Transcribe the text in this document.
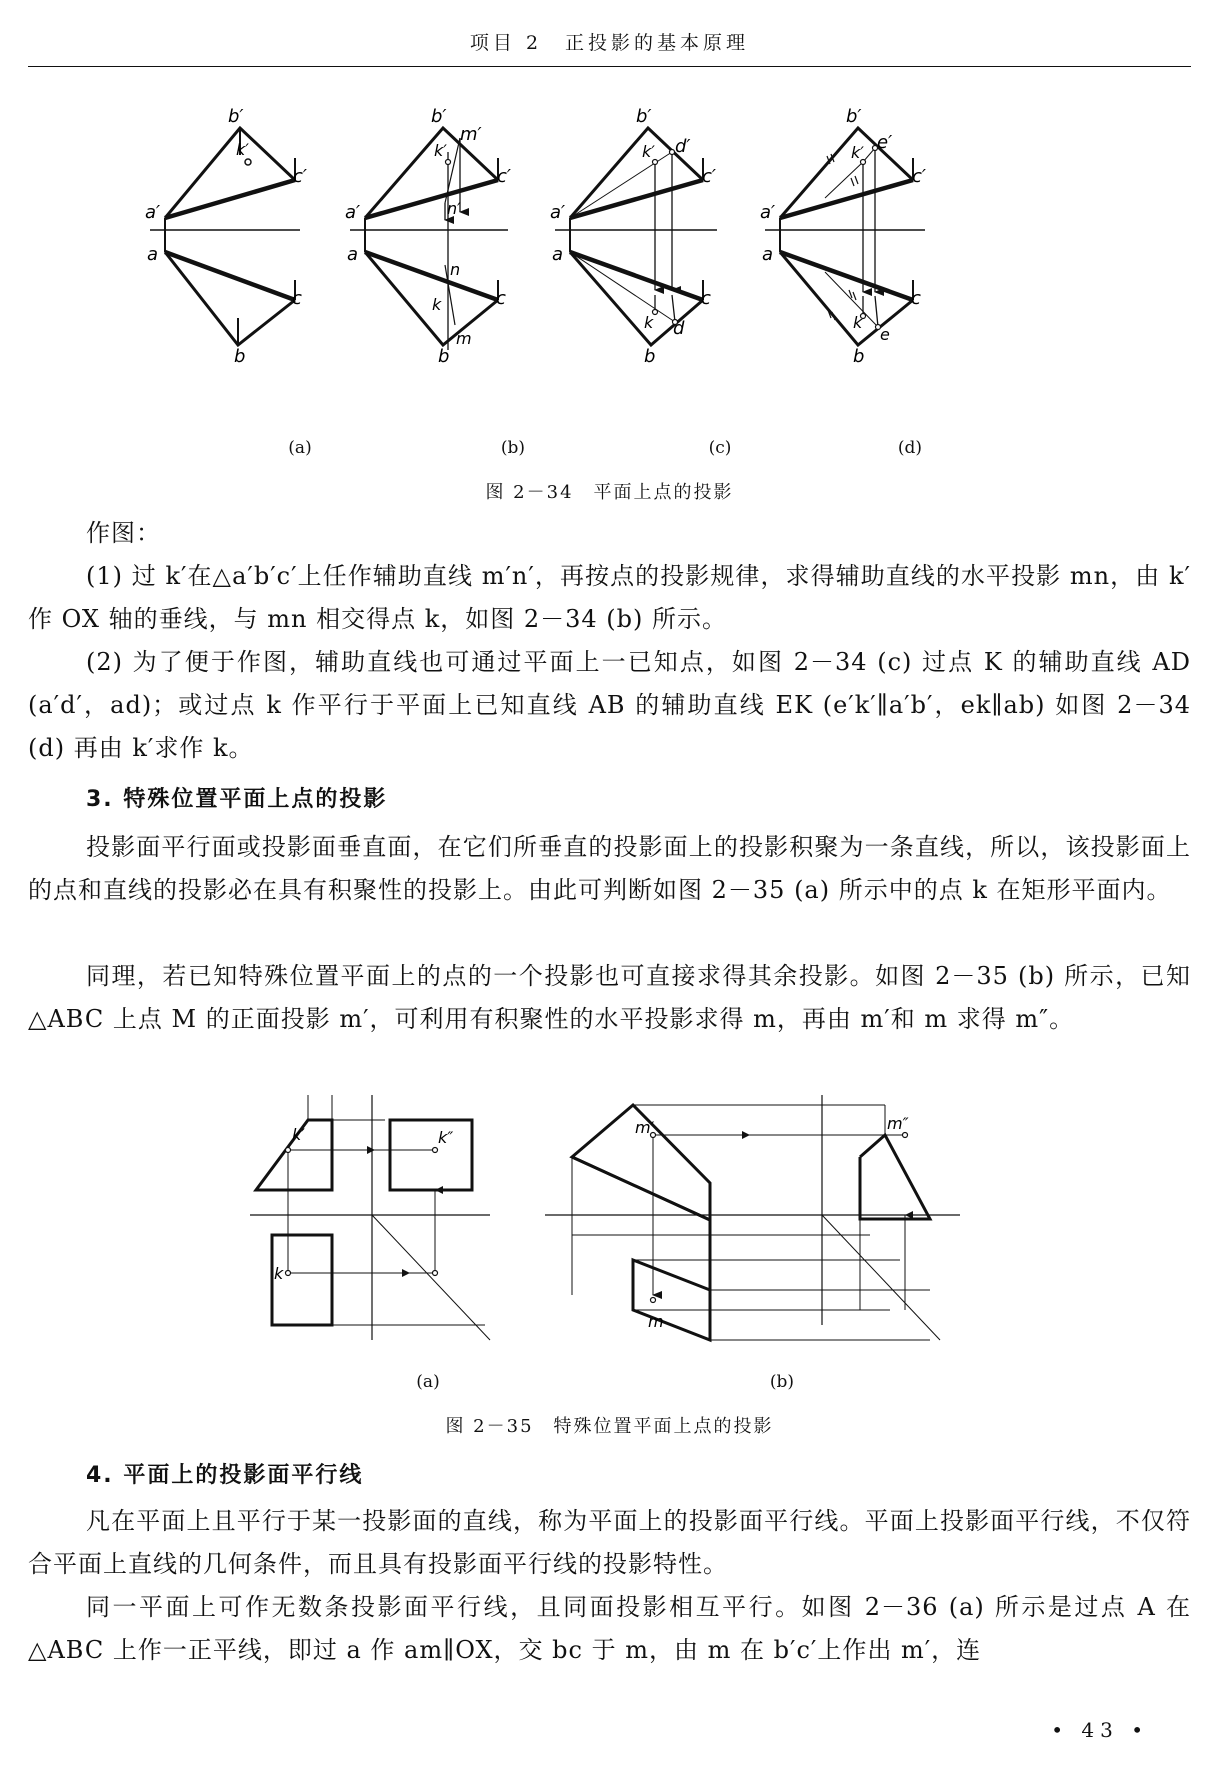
项目 2　正投影的基本原理
b′
k′
c′
a′
a
c
b
b′
m′
k′
c′
a′	n′
a
n
k	c
m
b
b′
d′
k′
c′
a′
a
c
k d
b
b′
e′
k′
c′
a′
a
c
k
e
b
(a)	(b)	(c)	(d)
图 2－34　平面上点的投影
作图：
(1) 过 k′在△a′b′c′上任作辅助直线 m′n′，再按点的投影规律，求得辅助直线的水平投影 mn，由 k′作 OX 轴的垂线，与 mn 相交得点 k，如图 2－34 (b) 所示。
(2) 为了便于作图，辅助直线也可通过平面上一已知点，如图 2－34 (c) 过点 K 的辅助直线 AD (a′d′，ad)；或过点 k 作平行于平面上已知直线 AB 的辅助直线 EK (e′k′∥a′b′，ek∥ab) 如图 2－34 (d) 再由 k′求作 k。
3. 特殊位置平面上点的投影
投影面平行面或投影面垂直面，在它们所垂直的投影面上的投影积聚为一条直线，所以，该投影面上的点和直线的投影必在具有积聚性的投影上。由此可判断如图 2－35 (a) 所示中的点 k 在矩形平面内。
同理，若已知特殊位置平面上的点的一个投影也可直接求得其余投影。如图 2－35 (b) 所示，已知△ABC 上点 M 的正面投影 m′，可利用有积聚性的水平投影求得 m，再由 m′和 m 求得 m″。
k′	k″
k
m′	m″
m
(a)	(b)
图 2－35　特殊位置平面上点的投影
4. 平面上的投影面平行线
凡在平面上且平行于某一投影面的直线，称为平面上的投影面平行线。平面上投影面平行线，不仅符合平面上直线的几何条件，而且具有投影面平行线的投影特性。
同一平面上可作无数条投影面平行线，且同面投影相互平行。如图 2－36 (a) 所示是过点 A 在△ABC 上作一正平线，即过 a 作 am∥OX，交 bc 于 m，由 m 在 b′c′上作出 m′，连
• 43 •
